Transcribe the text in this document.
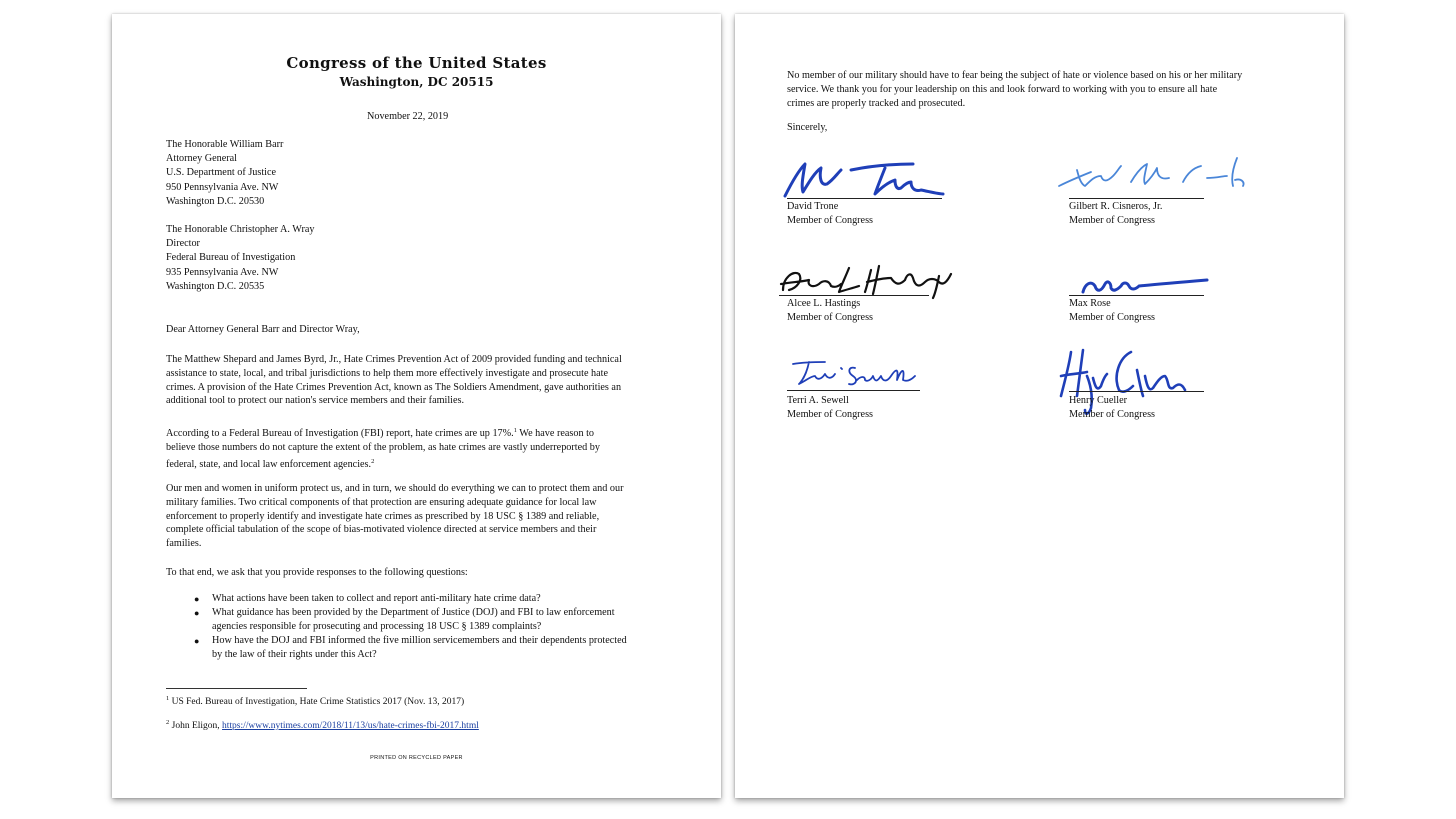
Congress of the United States
Washington, DC 20515
November 22, 2019
The Honorable William Barr
Attorney General
U.S. Department of Justice
950 Pennsylvania Ave. NW
Washington D.C. 20530
The Honorable Christopher A. Wray
Director
Federal Bureau of Investigation
935 Pennsylvania Ave. NW
Washington D.C. 20535
Dear Attorney General Barr and Director Wray,
The Matthew Shepard and James Byrd, Jr., Hate Crimes Prevention Act of 2009 provided funding and technical
assistance to state, local, and tribal jurisdictions to help them more effectively investigate and prosecute hate
crimes. A provision of the Hate Crimes Prevention Act, known as The Soldiers Amendment, gave authorities an
additional tool to protect our nation's service members and their families.
According to a Federal Bureau of Investigation (FBI) report, hate crimes are up 17%.$^1$ We have reason to
believe those numbers do not capture the extent of the problem, as hate crimes are vastly underreported by
federal, state, and local law enforcement agencies.$^2$
Our men and women in uniform protect us, and in turn, we should do everything we can to protect them and our
military families. Two critical components of that protection are ensuring adequate guidance for local law
enforcement to properly identify and investigate hate crimes as prescribed by 18 USC § 1389 and reliable,
complete official tabulation of the scope of bias-motivated violence directed at service members and their
families.
To that end, we ask that you provide responses to the following questions:
● What actions have been taken to collect and report anti-military hate crime data?
● What guidance has been provided by the Department of Justice (DOJ) and FBI to law enforcement
agencies responsible for prosecuting and processing 18 USC § 1389 complaints?
● How have the DOJ and FBI informed the five million servicemembers and their dependents protected
by the law of their rights under this Act?
$^1$ US Fed. Bureau of Investigation, Hate Crime Statistics 2017 (Nov. 13, 2017)
$^2$ John Eligon, https://www.nytimes.com/2018/11/13/us/hate-crimes-fbi-2017.html
PRINTED ON RECYCLED PAPER
No member of our military should have to fear being the subject of hate or violence based on his or her military
service. We thank you for your leadership on this and look forward to working with you to ensure all hate
crimes are properly tracked and prosecuted.
Sincerely,
David Trone
Member of Congress
Gilbert R. Cisneros, Jr.
Member of Congress
Alcee L. Hastings
Member of Congress
Max Rose
Member of Congress
Terri A. Sewell
Member of Congress
Henry Cueller
Member of Congress
